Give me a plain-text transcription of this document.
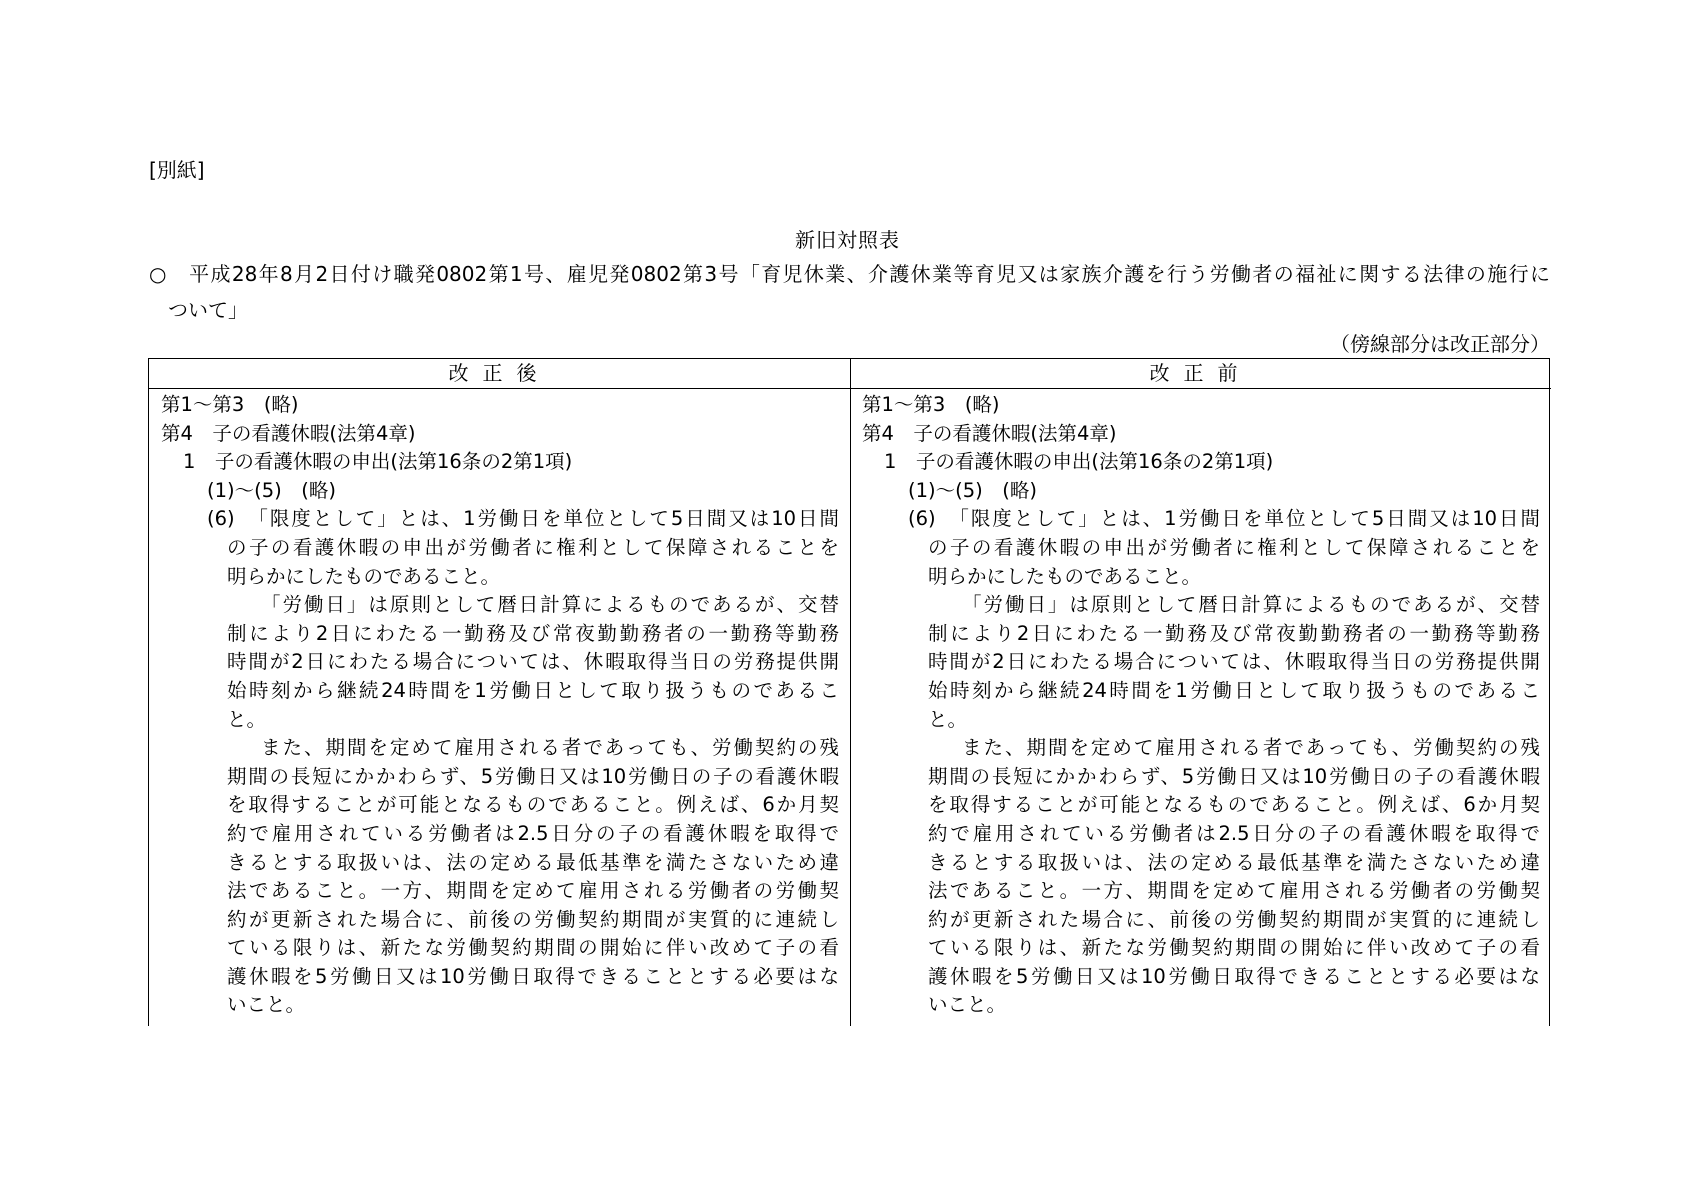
[別紙]
新旧対照表
○　平成28年8月2日付け職発0802第1号、雇児発0802第3号「育児休業、介護休業等育児又は家族介護を行う労働者の福祉に関する法律の施行に
ついて」
（傍線部分は改正部分）
改正後
第1～第3　(略)
第4　子の看護休暇(法第4章)
1　子の看護休暇の申出(法第16条の2第1項)
(1)～(5)　(略)
(6)　「限度として」とは、1労働日を単位として5日間又は10日間
の子の看護休暇の申出が労働者に権利として保障されることを
明らかにしたものであること。
「労働日」は原則として暦日計算によるものであるが、交替
制により2日にわたる一勤務及び常夜勤勤務者の一勤務等勤務
時間が2日にわたる場合については、休暇取得当日の労務提供開
始時刻から継続24時間を1労働日として取り扱うものであるこ
と。
また、期間を定めて雇用される者であっても、労働契約の残
期間の長短にかかわらず、5労働日又は10労働日の子の看護休暇
を取得することが可能となるものであること。例えば、6か月契
約で雇用されている労働者は2.5日分の子の看護休暇を取得で
きるとする取扱いは、法の定める最低基準を満たさないため違
法であること。一方、期間を定めて雇用される労働者の労働契
約が更新された場合に、前後の労働契約期間が実質的に連続し
ている限りは、新たな労働契約期間の開始に伴い改めて子の看
護休暇を5労働日又は10労働日取得できることとする必要はな
いこと。
改正前
第1～第3　(略)
第4　子の看護休暇(法第4章)
1　子の看護休暇の申出(法第16条の2第1項)
(1)～(5)　(略)
(6)　「限度として」とは、1労働日を単位として5日間又は10日間
の子の看護休暇の申出が労働者に権利として保障されることを
明らかにしたものであること。
「労働日」は原則として暦日計算によるものであるが、交替
制により2日にわたる一勤務及び常夜勤勤務者の一勤務等勤務
時間が2日にわたる場合については、休暇取得当日の労務提供開
始時刻から継続24時間を1労働日として取り扱うものであるこ
と。
また、期間を定めて雇用される者であっても、労働契約の残
期間の長短にかかわらず、5労働日又は10労働日の子の看護休暇
を取得することが可能となるものであること。例えば、6か月契
約で雇用されている労働者は2.5日分の子の看護休暇を取得で
きるとする取扱いは、法の定める最低基準を満たさないため違
法であること。一方、期間を定めて雇用される労働者の労働契
約が更新された場合に、前後の労働契約期間が実質的に連続し
ている限りは、新たな労働契約期間の開始に伴い改めて子の看
護休暇を5労働日又は10労働日取得できることとする必要はな
いこと。
